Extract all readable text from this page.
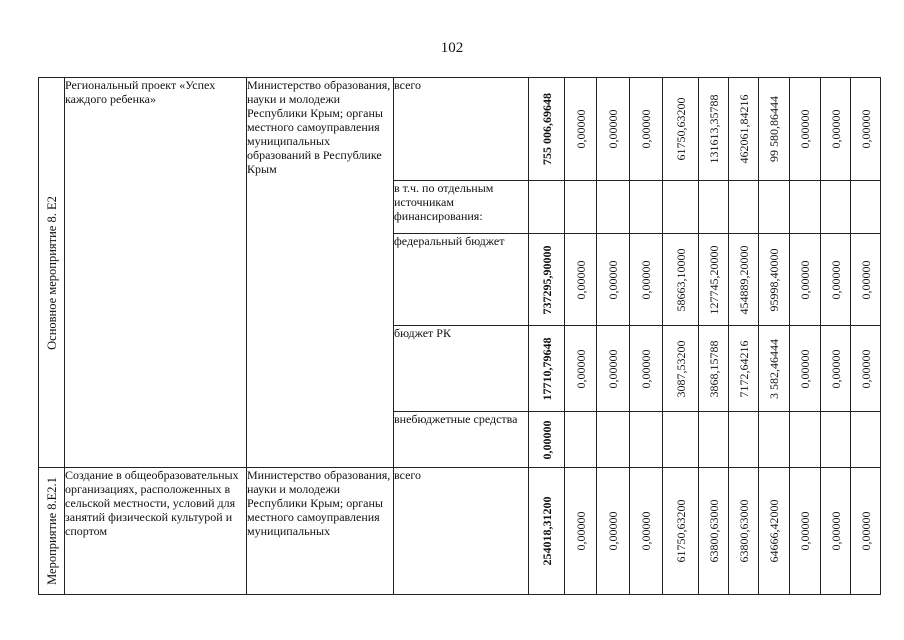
102
Основное мероприятие 8. Е2	Региональный проект «Успех каждого ребенка»	Министерство образования, науки и молодежи Республики Крым; органы местного самоуправления муниципальных образований в Республике Крым	всего	755 006,69648	0,00000	0,00000	0,00000	61750,63200	131613,35788	462061,84216	99 580,86444	0,00000	0,00000	0,00000

			в т.ч. по отдельным источникам финансирования:											

			федеральный бюджет	737295,90000	0,00000	0,00000	0,00000	58663,10000	127745,20000	454889,20000	95998,40000	0,00000	0,00000	0,00000

			бюджет РК	17710,79648	0,00000	0,00000	0,00000	3087,53200	3868,15788	7172,64216	3 582,46444	0,00000	0,00000	0,00000

			внебюджетные средства	0,00000										

Мероприятие 8.Е2.1	Создание в общеобразовательных организациях, расположенных в сельской местности, условий для занятий физической культурой и спортом	Министерство образования, науки и молодежи Республики Крым; органы местного самоуправления муниципальных	всего	254018,31200	0,00000	0,00000	0,00000	61750,63200	63800,63000	63800,63000	64666,42000	0,00000	0,00000	0,00000
